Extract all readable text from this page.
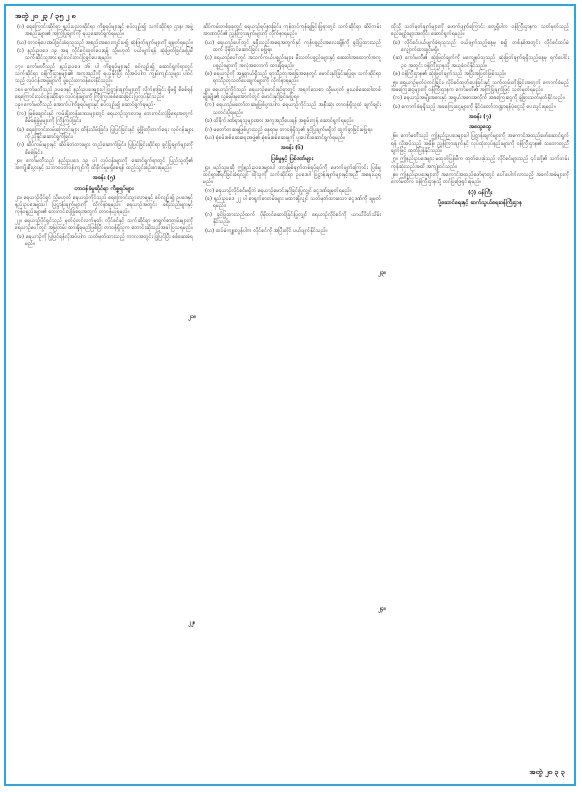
အတွဲ ၂၀ ၂၃ / ၃၅ ၂ ၈
၂၁။
၂၂။
၂၃။
၂၄။

(ဂ) ရေကြောင်းဆိုင်ရာ နည်းပညာဆိုင်ရာ ကိစ္စရပ်များနှင့် စပ်လျဉ်း၍ သက်ဆိုင်ရာ ဌာန၊ အဖွဲ့အစည်းများ၏ အကြံပြုချက်ကို ရယူဆောင်ရွက်ရမည်။

(ဃ) တာဝန်ပေးအပ်ခြင်းခံရသူသည် အစည်းအဝေးကျင်းပ၍ ဆုံးဖြတ်ချက်များကို ချမှတ်ရမည်။

(င) နည်းဥပဒေ ၁၉ အရ လိုင်စင်ထုတ်ပေးရန် သို့မဟုတ် ပယ်ဖျက်ရန် ဆုံးဖြတ်ခြင်းမပြုမီ သက်ဆိုင်သူအား ရှင်းလင်းတင်ပြခွင့်ပေးရမည်။

၁၇။ ကော်မတီသည် နည်းဥပဒေ ၁၆ ပါ ကိစ္စရပ်များနှင့် စပ်လျဉ်း၍ ဆောင်ရွက်ရာတွင် သက်ဆိုင်ရာ ဝန်ကြီးဌာနများ၏ အကူအညီကို ရယူနိုင်ပြီး လိုအပ်ပါက ကျွမ်းကျင်သူများ ပါဝင်သည့် လုပ်ငန်းအဖွဲ့များကို ဖွဲ့စည်းတာဝန်ပေးနိုင်သည်။

၁၈။ ကော်မတီသည် ဥပဒေနှင့် နည်းဥပဒေများပါ ပြဋ္ဌာန်းချက်များကို လိုက်နာခြင်း ရှိမရှိ စိစစ်ရန် ရေကြောင်းလုပ်ငန်းဆိုင်ရာ လုပ်ငန်းများကို ကြီးကြပ်စစ်ဆေးခြင်း ပြုလုပ်နိုင်သည်။

၁၉။ ကော်မတီသည် အောက်ပါကိစ္စရပ်များနှင့် စပ်လျဉ်း၍ ဆောင်ရွက်ရမည်-

(က) မြစ်ချောင်းနှင့် ကမ်းရိုးတန်းဒေသများတွင် ရေယာဉ်သွားလာမှု ဘေးကင်းလုံခြုံရေးအတွက် စီမံခန့်ခွဲမှုများကို ကြီးကြပ်ခြင်း၊

(ခ) ရေကြောင်းလမ်းကြောင်းများ ထိန်းသိမ်းခြင်း၊ ပြုပြင်ခြင်းနှင့် ဖွံ့ဖြိုးတိုးတက်ရေး လုပ်ငန်းများကို ညှိနှိုင်းဆောင်ရွက်ခြင်း၊

(ဂ) ဆိပ်ကမ်းများနှင့် ဆိပ်ခံတံတားများ တည်ဆောက်ခြင်း၊ ပြုပြင်ခြင်းဆိုင်ရာ ခွင့်ပြုချက်များကို စိစစ်ခြင်း၊

၂၀။ ကော်မတီသည် နည်းဥပဒေ ၁၉ ပါ လုပ်ငန်းများကို ဆောင်ရွက်ရာတွင် ပြည်သူတို့၏ အကျိုးစီးပွားနှင့် သဘာဝပတ်ဝန်းကျင်ကို ထိခိုက်မှုမရှိစေရန် ထည့်သွင်းစဉ်းစားရမည်။

အခန်း (၅)

တာဝန်ခံမှုဆိုင်ရာ ကိစ္စရပ်များ

၂၁။ ရေယာဉ်ပိုင်ရှင် သို့မဟုတ် ရေယာဉ်ကိုင်သည် ရေကြောင်းသွားလာမှုနှင့် စပ်လျဉ်း၍ ဥပဒေနှင့် နည်းဥပဒေများပါ ပြဋ္ဌာန်းချက်များကို လိုက်နာရမည်။ ရေယာဉ်အတွင်း ခရီးသည်များနှင့် ကုန်ပစ္စည်းများ၏ ဘေးကင်းလုံခြုံရေးအတွက် တာဝန်ယူရမည်။

၂၂။ ရေယာဉ်ပိုင်ရှင်သည် မှတ်ပုံတင်လက်မှတ်၊ လိုင်စင်နှင့် သက်ဆိုင်ရာ စာရွက်စာတမ်းများကို ရေယာဉ်ပေါ်တွင် အမြဲတမ်း ထားရှိရမည်ဖြစ်ပြီး တာဝန်ရှိသူက တောင်းဆိုသည့်အခါ ပြသရမည်။

(ခ) ရေယာဉ်ကို ပြုပြင်ရန်လိုအပ်ပါက သတ်မှတ်ထားသည့် ကာလအတွင်း ပြုပြင်ပြီး စစ်ဆေးခံရမည်။

ဆိပ်ကမ်းတစ်ခုခုတွင် ရေယာဉ်ရပ်နားခြင်း၊ ကုန်တင်ကုန်ချခြင်းပြုရာတွင် သက်ဆိုင်ရာ ဆိပ်ကမ်းအာဏာပိုင်၏ ညွှန်ကြားချက်များကို လိုက်နာရမည်။

(ဃ) ရေယာဉ်ပေါ်တွင် ခရီးသည်အရေအတွက်နှင့် ကုန်ပစ္စည်းအလေးချိန်ကို ခွင့်ပြုထားသည်ထက် ပိုမိုတင်ဆောင်ခြင်း မပြုရ။

(င) ရေယာဉ်ပေါ်တွင် အသက်ကယ်ပစ္စည်းများ၊ မီးသတ်ပစ္စည်းများနှင့် ဆေးဝါးအထောက်အကူပစ္စည်းများကို အလုံအလောက် ထားရှိရမည်။

(စ) ရေယာဉ်ကို အန္တရာယ်ရှိသည့် ရာသီဥတုအခြေအနေတွင် မောင်းနှင်ခြင်းမပြုရ။ သက်ဆိုင်ရာ ရာသီဥတုသတိပေးချက်များကို လိုက်နာရမည်။

၂၃။ ရေယာဉ်ကိုင်သည် ရေယာဉ်မောင်းနှင်ရာတွင် အရက်သေစာ သို့မဟုတ် မူးယစ်ဆေးဝါးတစ်မျိုးမျိုး၏ လွှမ်းမိုးမှုအောက်တွင် မောင်းနှင်ခြင်းမပြုရ။

(က) ရေယာဉ်မတော်တဆမှုဖြစ်ပွားပါက ရေယာဉ်ကိုင်သည် အနီးဆုံး တာဝန်ရှိသူထံ ချက်ချင်းသတင်းပို့ရမည်။

(ခ) ထိခိုက်ဒဏ်ရာရသူများအား အကူအညီပေးရန် အစွမ်းကုန် ဆောင်ရွက်ရမည်။

(ဂ) မတော်တဆမှုဖြစ်ပွားသည့် နေရာမှ တာဝန်ရှိသူ၏ ခွင့်ပြုချက်မရှိဘဲ ထွက်ခွာခြင်းမပြုရ။

(ဃ) စုံစမ်းစစ်ဆေးရေးအဖွဲ့၏ စုံစမ်းစစ်ဆေးမှုကို ပူးပေါင်းဆောင်ရွက်ရမည်။

အခန်း (၆)

ပြစ်မှုနှင့် ပြစ်ဒဏ်များ

၂၄။ မည်သူမဆို ဤနည်းဥပဒေများပါ တားမြစ်ချက်တစ်ရပ်ရပ်ကို ဖောက်ဖျက်ကြောင်း ပြစ်မှုထင်ရှားစီရင်ခြင်းခံရလျှင် ထိုသူကို သက်ဆိုင်ရာ ဥပဒေပါ ပြဋ္ဌာန်းချက်များနှင့်အညီ အရေးယူရမည်။

(က) ရေယာဉ်လိုင်စင်မရှိဘဲ ရေယာဉ်မောင်းနှင်ခြင်းပြုလျှင် ငွေဒဏ်ချမှတ်ရမည်။

(ခ) နည်းဥပဒေ ၂၂ ပါ စာရွက်စာတမ်းများ မထားရှိလျှင် သတ်မှတ်ထားသော ငွေဒဏ်ကို ချမှတ်ရမည်။

(ဂ) ခွင့်ပြုထားသည်ထက် ပိုမိုတင်ဆောင်ခြင်းပြုလျှင် ရေယာဉ်လိုင်စင်ကို ယာယီပိတ်သိမ်းနိုင်သည်။

(ဃ) ထပ်မံကျူးလွန်ပါက လိုင်စင်ကို အပြီးတိုင် ပယ်ဖျက်နိုင်သည်။

ထိုသို့ သတ်မှတ်ချက်များကို ဖောက်ဖျက်ကြောင်း တွေ့ရှိပါက ဝန်ကြီးဌာနက သတ်မှတ်သည့် စည်းမျဉ်းများအတိုင်း ဆောင်ရွက်ရမည်။

(စ) လိုင်စင်ပယ်ဖျက်ခံရသူသည် ပယ်ဖျက်သည့်နေ့မှ စ၍ တစ်နှစ်အတွင်း လိုင်စင်ထပ်မံလျှောက်ထားခွင့်မရှိ။

(ဆ) ကော်မတီ၏ ဆုံးဖြတ်ချက်ကို မကျေနပ်သူသည် ဆုံးဖြတ်ချက်ရရှိသည့်နေ့မှ ရက်ပေါင်း ၃၀ အတွင်း ဝန်ကြီးဌာနသို့ အယူခံဝင်နိုင်သည်။

(ဇ) ဝန်ကြီးဌာန၏ ဆုံးဖြတ်ချက်သည် အပြီးအပြတ်ဖြစ်သည်။

၂၅။ ရေယာဉ်မှတ်ပုံတင်ခြင်း၊ လိုင်စင်ထုတ်ပေးခြင်းနှင့် သက်တမ်းတိုးခြင်းအတွက် ကောက်ခံမည့် အခကြေးငွေများကို ဝန်ကြီးဌာနက ကော်မတီ၏ အကြံပြုချက်ဖြင့် သတ်မှတ်ရမည်။

(က) ရေယာဉ်အမျိုးအစားနှင့် အရွယ်အစားအလိုက် အခကြေးငွေကို ခွဲခြားသတ်မှတ်နိုင်သည်။

(ခ) ကောက်ခံရရှိသည့် အခကြေးငွေများကို နိုင်ငံတော်ဘဏ္ဍာရန်ပုံငွေသို့ ပေးသွင်းရမည်။

အခန်း (၇)

အထွေထွေ

၂၆။ ကော်မတီသည် ဤနည်းဥပဒေများပါ ပြဋ္ဌာန်းချက်များကို အကောင်အထည်ဖော်ဆောင်ရွက်ရန် လိုအပ်သည့် အမိန့်၊ ညွှန်ကြားချက်နှင့် လုပ်ထုံးလုပ်နည်းများကို ဝန်ကြီးဌာန၏ သဘောတူညီချက်ဖြင့် ထုတ်ပြန်နိုင်သည်။

၂၇။ ဤနည်းဥပဒေများ မထုတ်ပြန်မီက ထုတ်ပေးခဲ့သည့် လိုင်စင်များသည် ၎င်းတို့၏ သက်တမ်းကုန်ဆုံးသည်အထိ အကျုံးဝင်သည်။

၂၈။ ဤနည်းဥပဒေများကို အကောင်အထည်ဖော်ရာတွင် ပေါ်ပေါက်လာသည့် အခက်အခဲများကို ကော်မတီက ဝန်ကြီးဌာနသို့ တင်ပြဖြေရှင်းရမည်။

(ပုံ) ဝန်ကြီး

ပို့ဆောင်ရေးနှင့် ဆက်သွယ်ရေးဝန်ကြီးဌာန

အတွဲ ၂၀ ၃ ၃
